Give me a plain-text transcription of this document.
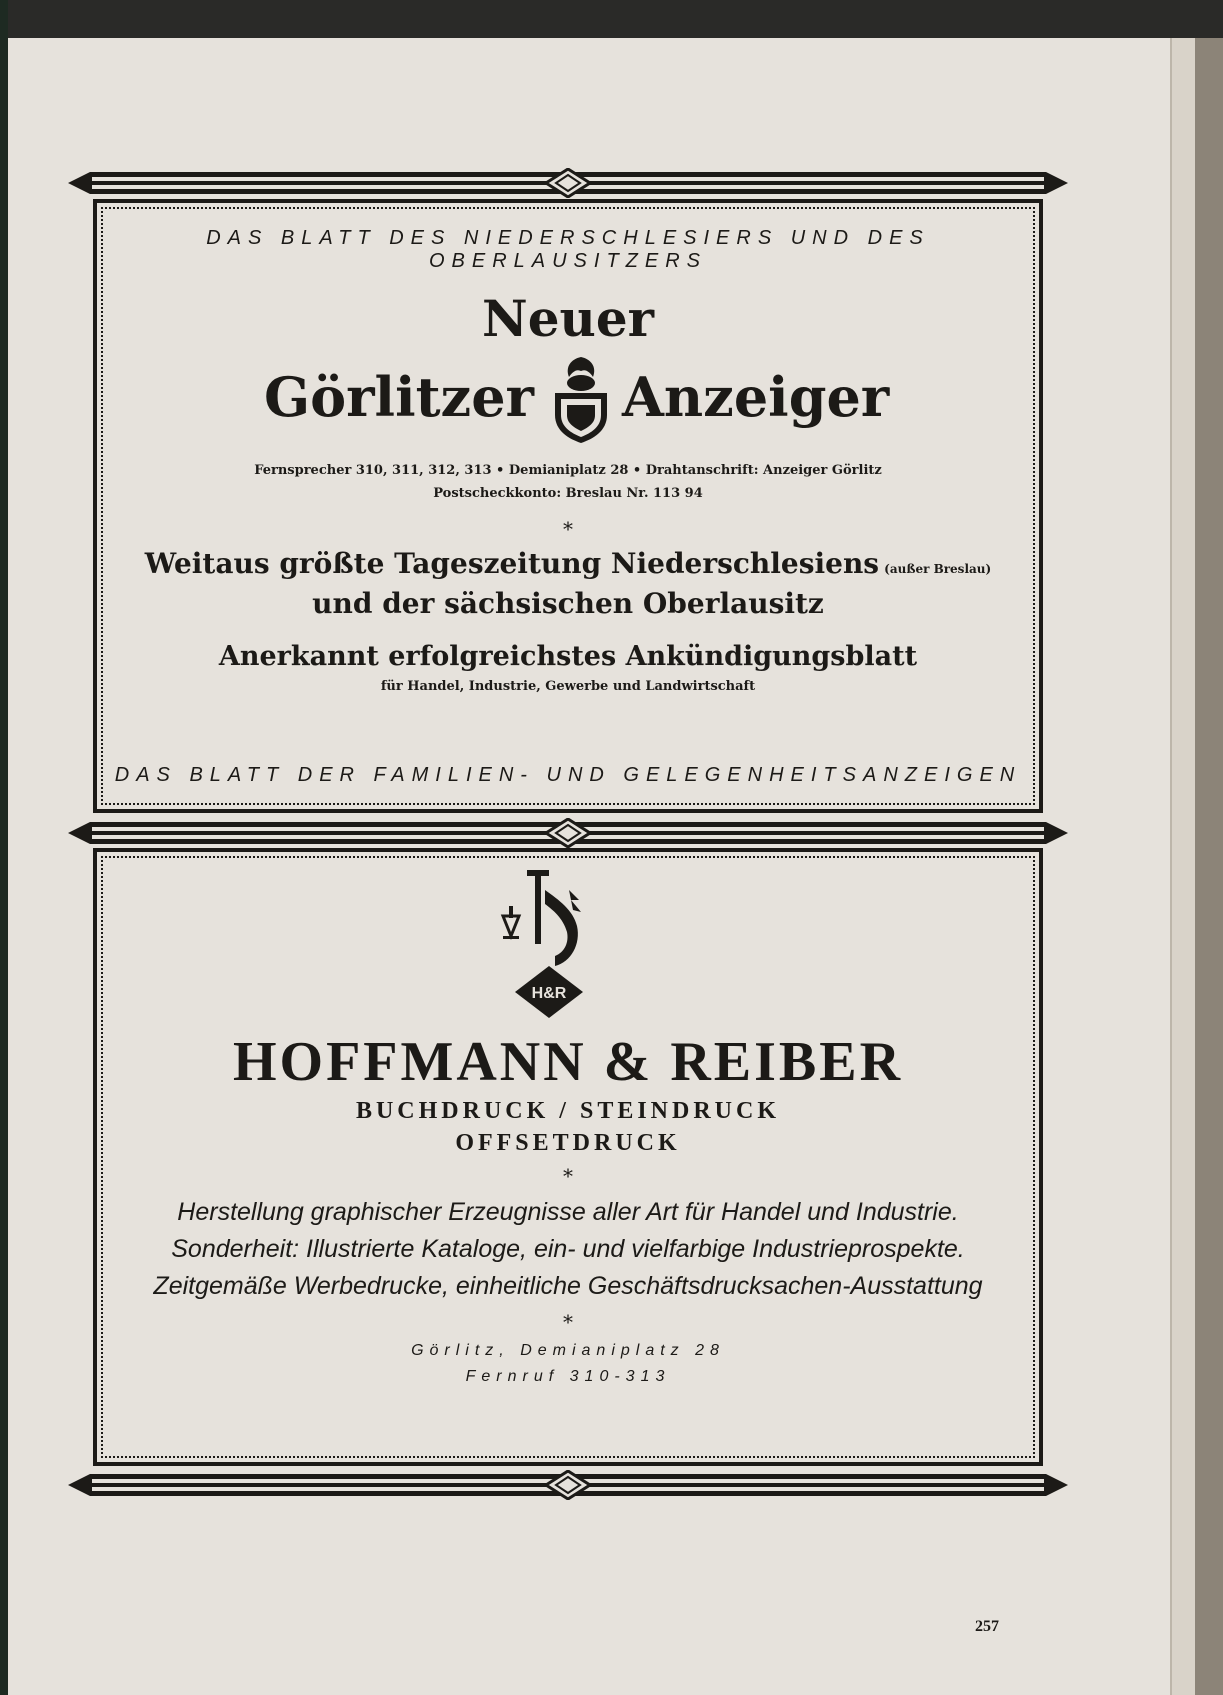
DAS BLATT DES NIEDERSCHLESIERS UND DES OBERLAUSITZERS
Neuer
Görlitzer Anzeiger
Fernsprecher 310, 311, 312, 313 • Demianiplatz 28 • Drahtanschrift: Anzeiger Görlitz
Postscheckkonto: Breslau Nr. 113 94
*
Weitaus größte Tageszeitung Niederschlesiens (außer Breslau)
und der sächsischen Oberlausitz
Anerkannt erfolgreichstes Ankündigungsblatt
für Handel, Industrie, Gewerbe und Landwirtschaft
DAS BLATT DER FAMILIEN- UND GELEGENHEITSANZEIGEN
H&R
HOFFMANN & REIBER
BUCHDRUCK / STEINDRUCK
OFFSETDRUCK
*
Herstellung graphischer Erzeugnisse aller Art für Handel und Industrie.
Sonderheit: Illustrierte Kataloge, ein- und vielfarbige Industrieprospekte.
Zeitgemäße Werbedrucke, einheitliche Geschäftsdrucksachen-Ausstattung
*
Görlitz, Demianiplatz 28
Fernruf 310-313
257
